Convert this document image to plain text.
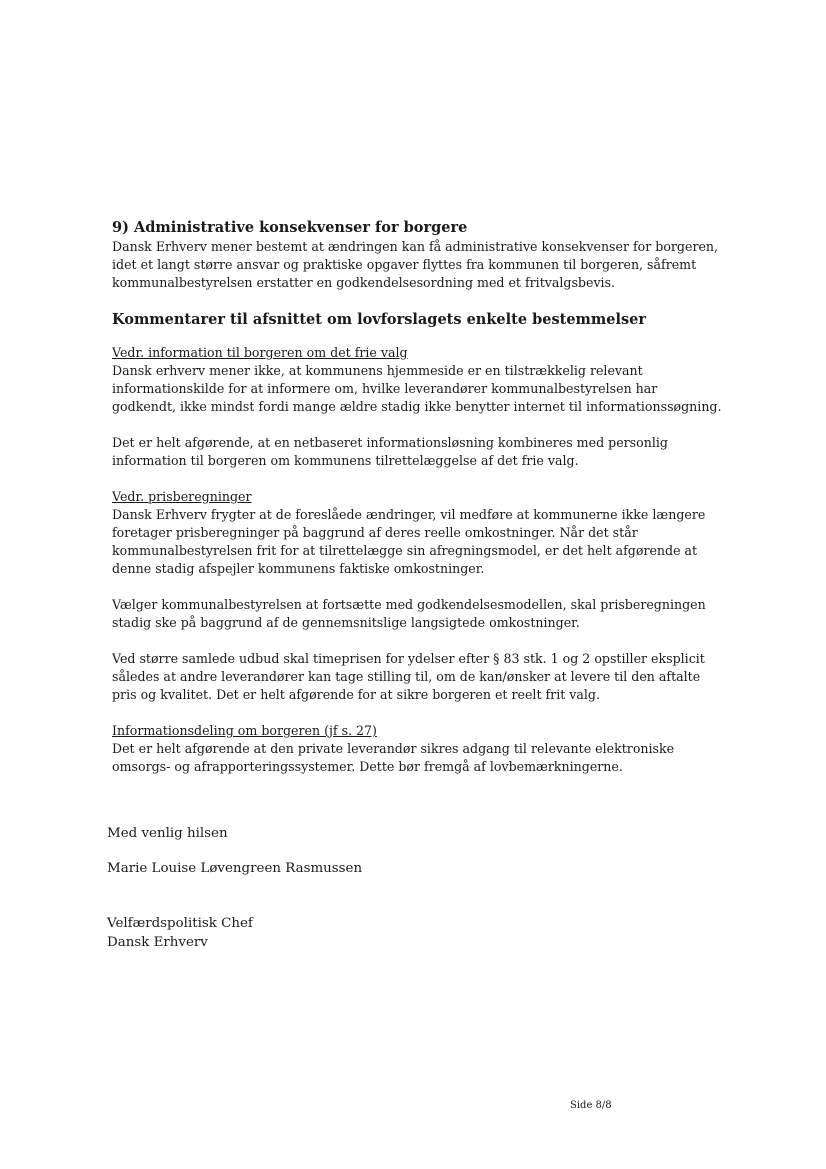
9) Administrative konsekvenser for borgere

Dansk Erhverv mener bestemt at ændringen kan få administrative konsekvenser for borgeren, idet et langt større ansvar og praktiske opgaver flyttes fra kommunen til borgeren, såfremt kommunalbestyrelsen erstatter en godkendelsesordning med et fritvalgsbevis.

Kommentarer til afsnittet om lovforslagets enkelte bestemmelser
Vedr. information til borgeren om det frie valg

Dansk erhverv mener ikke, at kommunens hjemmeside er en tilstrækkelig relevant informationskilde for at informere om, hvilke leverandører kommunalbestyrelsen har godkendt, ikke mindst fordi mange ældre stadig ikke benytter internet til informationssøgning.

Det er helt afgørende, at en netbaseret informationsløsning kombineres med personlig information til borgeren om kommunens tilrettelæggelse af det frie valg.

Vedr. prisberegninger

Dansk Erhverv frygter at de foreslåede ændringer, vil medføre at kommunerne ikke længere foretager prisberegninger på baggrund af deres reelle omkostninger. Når det står kommunalbestyrelsen frit for at tilrettelægge sin afregningsmodel, er det helt afgørende at denne stadig afspejler kommunens faktiske omkostninger.

Vælger kommunalbestyrelsen at fortsætte med godkendelsesmodellen, skal prisberegningen stadig ske på baggrund af de gennemsnitslige langsigtede omkostninger.

Ved større samlede udbud skal timeprisen for ydelser efter § 83 stk. 1 og 2 opstiller eksplicit således at andre leverandører kan tage stilling til, om de kan/ønsker at levere til den aftalte pris og kvalitet. Det er helt afgørende for at sikre borgeren et reelt frit valg.

Informationsdeling om borgeren (jf s. 27)

Det er helt afgørende at den private leverandør sikres adgang til relevante elektroniske omsorgs- og afrapporteringssystemer. Dette bør fremgå af lovbemærkningerne.

Med venlig hilsen
Marie Louise Løvengreen Rasmussen
Velfærdspolitisk Chef
Dansk Erhverv
Side 8/8
